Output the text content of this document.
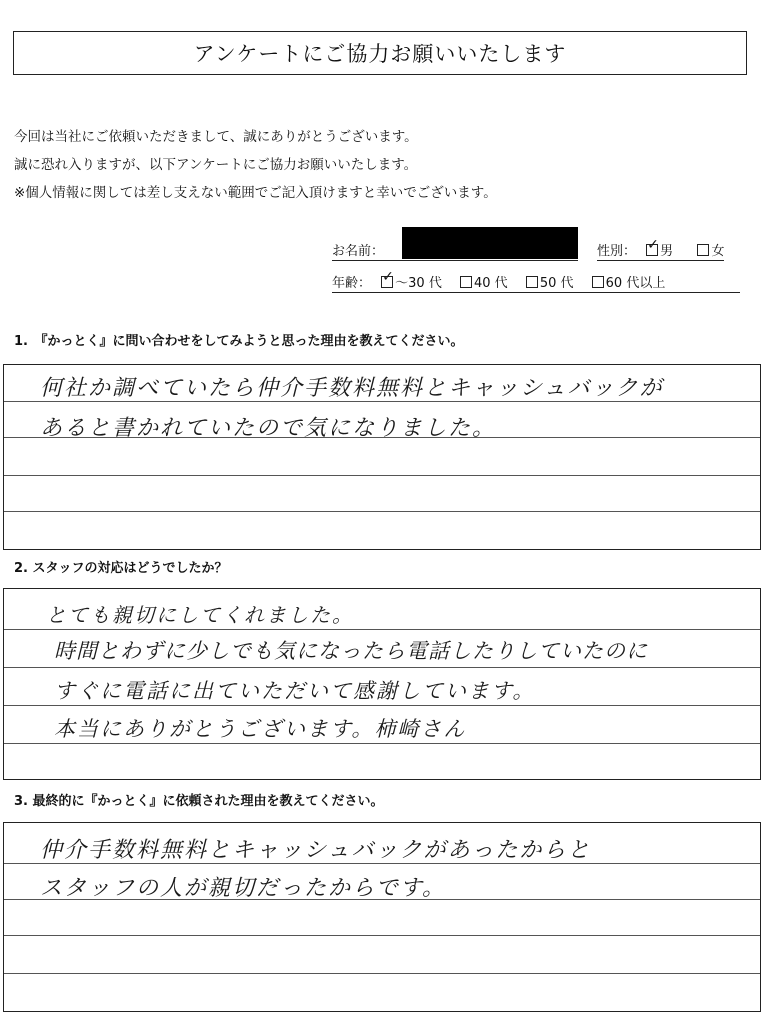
アンケートにご協力お願いいたします
今回は当社にご依頼いただきまして、誠にありがとうございます。
誠に恐れ入りますが、以下アンケートにご協力お願いいたします。
※個人情報に関しては差し支えない範囲でご記入頂けますと幸いでございます。
お名前：	性別： ✓ 男	女
年齢： ✓ 〜30 代 40 代 50 代 60 代以上
1.　『かっとく』に問い合わせをしてみようと思った理由を教えてください。
何社か調べていたら仲介手数料無料とキャッシュバックが
あると書かれていたので気になりました。
2. スタッフの対応はどうでしたか？
とても親切にしてくれました。
時間とわずに少しでも気になったら電話したりしていたのに
すぐに電話に出ていただいて感謝しています。
本当にありがとうございます。柿崎さん
3. 最終的に『かっとく』に依頼された理由を教えてください。
仲介手数料無料とキャッシュバックがあったからと
スタッフの人が親切だったからです。
